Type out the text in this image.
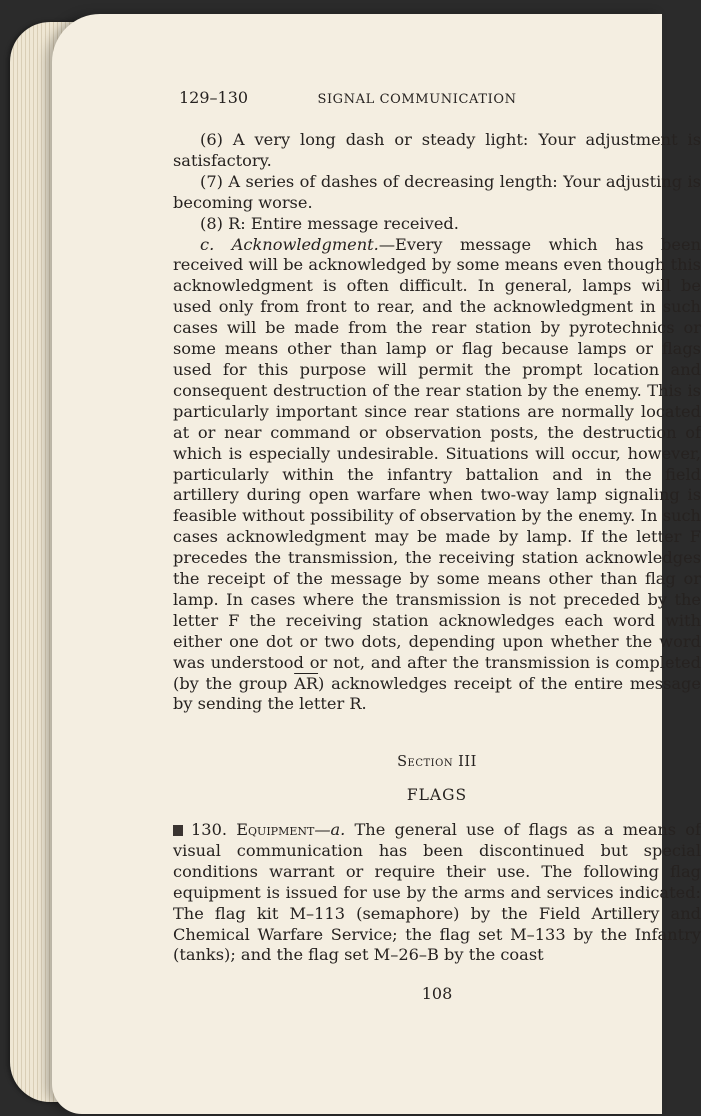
129–130	SIGNAL COMMUNICATION

(6) A very long dash or steady light: Your adjustment is satisfactory.

(7) A series of dashes of decreasing length: Your adjusting is becoming worse.

(8) R: Entire message received.

c. Acknowledgment.—Every message which has been received will be acknowledged by some means even though this acknowledgment is often difficult. In general, lamps will be used only from front to rear, and the acknowledgment in such cases will be made from the rear station by pyrotechnics or some means other than lamp or flag because lamps or flags used for this purpose will permit the prompt location and consequent destruction of the rear station by the enemy. This is particularly important since rear stations are normally located at or near command or observation posts, the destruction of which is especially undesirable. Situations will occur, however, particularly within the infantry battalion and in the field artillery during open warfare when two-way lamp signaling is feasible without possibility of observation by the enemy. In such cases acknowledgment may be made by lamp. If the letter F precedes the transmission, the receiving station acknowledges the receipt of the message by some means other than flag or lamp. In cases where the transmission is not preceded by the letter F the receiving station acknowledges each word with either one dot or two dots, depending upon whether the word was understood or not, and after the transmission is completed (by the group $\overline{AR}$) acknowledges receipt of the entire message by sending the letter R.

Section III
FLAGS

130. Equipment—a. The general use of flags as a means of visual communication has been discontinued but special conditions warrant or require their use. The following flag equipment is issued for use by the arms and services indicated: The flag kit M–113 (semaphore) by the Field Artillery and Chemical Warfare Service; the flag set M–133 by the Infantry (tanks); and the flag set M–26–B by the coast

108
